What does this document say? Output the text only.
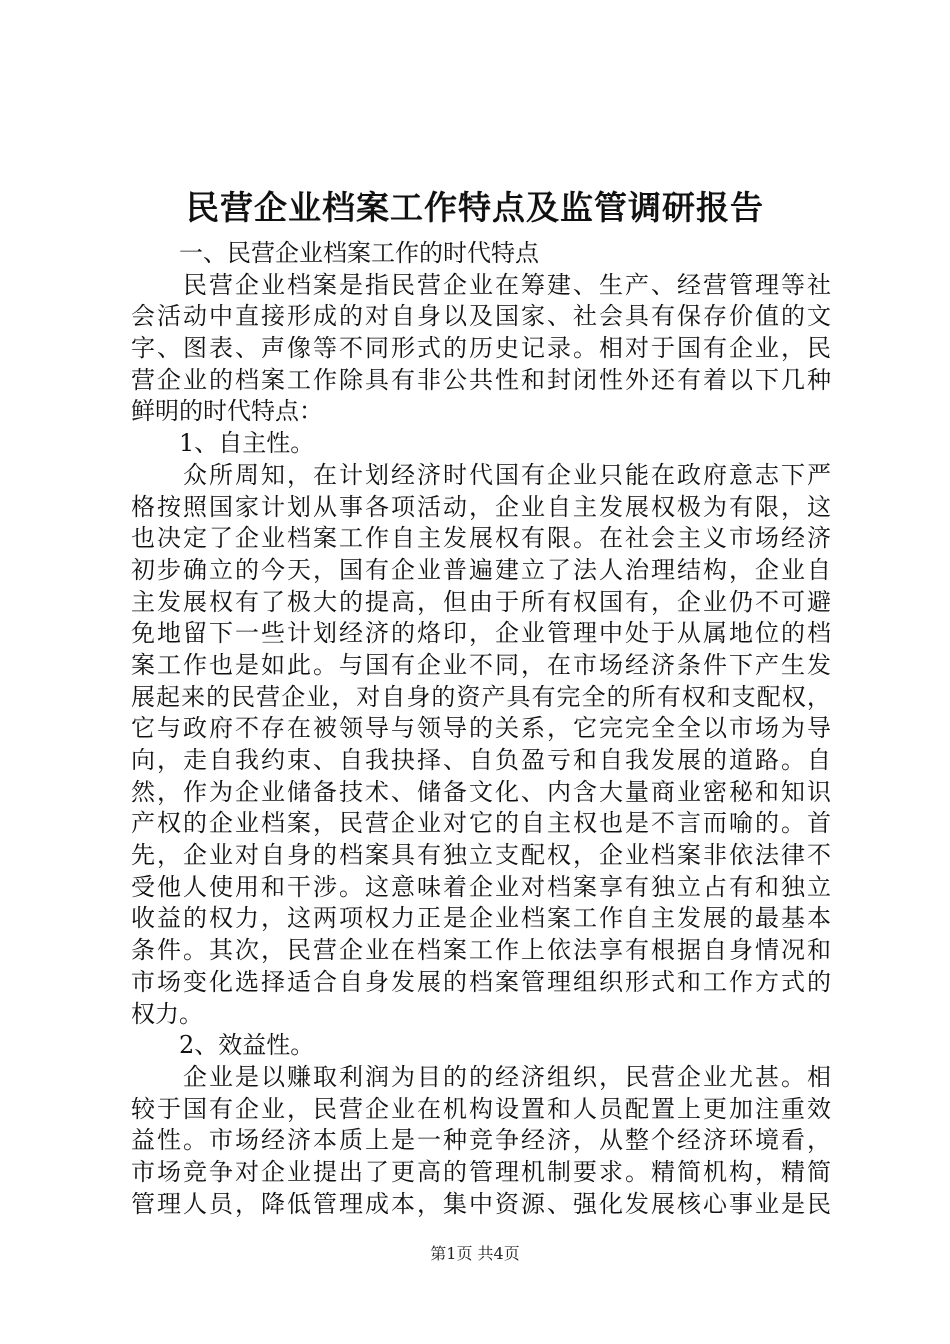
民营企业档案工作特点及监管调研报告
　　一、民营企业档案工作的时代特点

民 营 企 业 档 案 是 指 民 营 企 业 在 筹 建 、 生 产 、 经 营 管 理 等 社
会 活 动 中 直 接 形 成 的 对 自 身 以 及 国 家 、 社 会 具 有 保 存 价 值 的 文
字 、 图 表 、 声 像 等 不 同 形 式 的 历 史 记 录 。 相 对 于 国 有 企 业 ， 民
营 企 业 的 档 案 工 作 除 具 有 非 公 共 性 和 封 闭 性 外 还 有 着 以 下 几 种
鲜明的时代特点：
　　1、自主性。

众 所 周 知 ， 在 计 划 经 济 时 代 国 有 企 业 只 能 在 政 府 意 志 下 严
格 按 照 国 家 计 划 从 事 各 项 活 动 ， 企 业 自 主 发 展 权 极 为 有 限 ， 这
也 决 定 了 企 业 档 案 工 作 自 主 发 展 权 有 限 。 在 社 会 主 义 市 场 经 济
初 步 确 立 的 今 天 ， 国 有 企 业 普 遍 建 立 了 法 人 治 理 结 构 ， 企 业 自
主 发 展 权 有 了 极 大 的 提 高 ， 但 由 于 所 有 权 国 有 ， 企 业 仍 不 可 避
免 地 留 下 一 些 计 划 经 济 的 烙 印 ， 企 业 管 理 中 处 于 从 属 地 位 的 档
案 工 作 也 是 如 此 。 与 国 有 企 业 不 同 ， 在 市 场 经 济 条 件 下 产 生 发
展 起 来 的 民 营 企 业 ， 对 自 身 的 资 产 具 有 完 全 的 所 有 权 和 支 配 权 ，
它 与 政 府 不 存 在 被 领 导 与 领 导 的 关 系 ， 它 完 完 全 全 以 市 场 为 导
向 ， 走 自 我 约 束 、 自 我 抉 择 、 自 负 盈 亏 和 自 我 发 展 的 道 路 。 自
然 ， 作 为 企 业 储 备 技 术 、 储 备 文 化 、 内 含 大 量 商 业 密 秘 和 知 识
产 权 的 企 业 档 案 ， 民 营 企 业 对 它 的 自 主 权 也 是 不 言 而 喻 的 。 首
先 ， 企 业 对 自 身 的 档 案 具 有 独 立 支 配 权 ， 企 业 档 案 非 依 法 律 不
受 他 人 使 用 和 干 涉 。 这 意 味 着 企 业 对 档 案 享 有 独 立 占 有 和 独 立
收 益 的 权 力 ， 这 两 项 权 力 正 是 企 业 档 案 工 作 自 主 发 展 的 最 基 本
条 件 。 其 次 ， 民 营 企 业 在 档 案 工 作 上 依 法 享 有 根 据 自 身 情 况 和
市 场 变 化 选 择 适 合 自 身 发 展 的 档 案 管 理 组 织 形 式 和 工 作 方 式 的
权力。
　　2、效益性。

企 业 是 以 赚 取 利 润 为 目 的 的 经 济 组 织 ， 民 营 企 业 尤 甚 。 相
较 于 国 有 企 业 ， 民 营 企 业 在 机 构 设 置 和 人 员 配 置 上 更 加 注 重 效
益 性 。 市 场 经 济 本 质 上 是 一 种 竞 争 经 济 ， 从 整 个 经 济 环 境 看 ，
市 场 竞 争 对 企 业 提 出 了 更 高 的 管 理 机 制 要 求 。 精 简 机 构 ， 精 简
管 理 人 员 ， 降 低 管 理 成 本 ， 集 中 资 源 、 强 化 发 展 核 心 事 业 是 民
第1页 共4页
